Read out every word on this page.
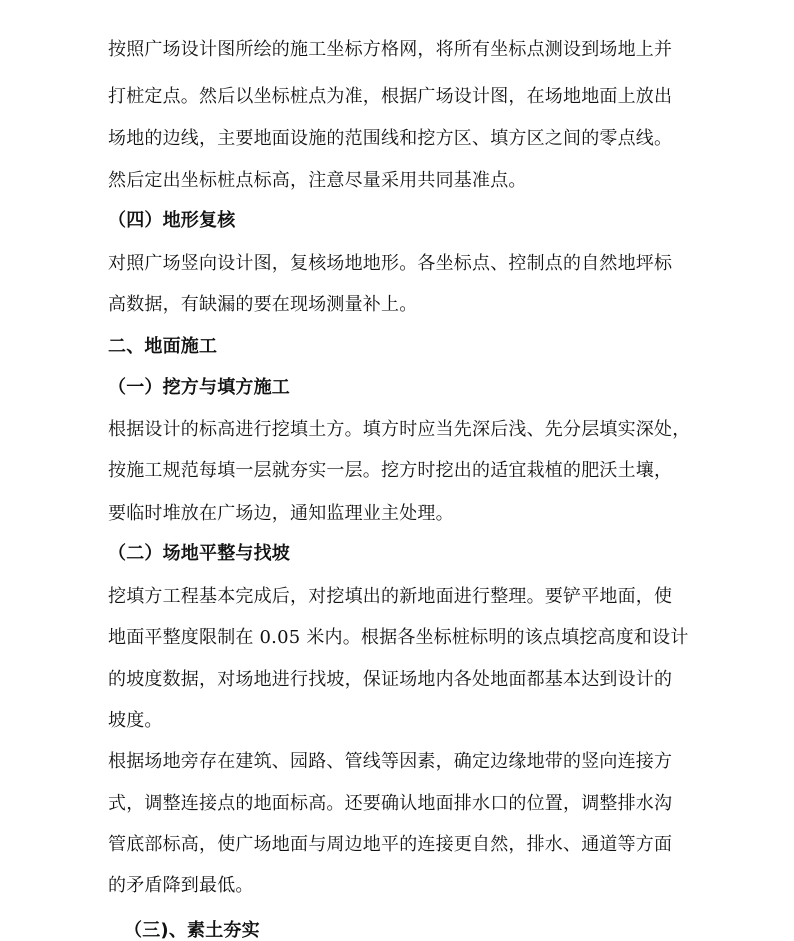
按照广场设计图所绘的施工坐标方格网，将所有坐标点测设到场地上并

打桩定点。然后以坐标桩点为准，根据广场设计图，在场地地面上放出

场地的边线，主要地面设施的范围线和挖方区、填方区之间的零点线。

然后定出坐标桩点标高，注意尽量采用共同基准点。

（四）地形复核

对照广场竖向设计图，复核场地地形。各坐标点、控制点的自然地坪标

高数据，有缺漏的要在现场测量补上。

二、地面施工

（一）挖方与填方施工

根据设计的标高进行挖填土方。填方时应当先深后浅、先分层填实深处，

按施工规范每填一层就夯实一层。挖方时挖出的适宜栽植的肥沃土壤，

要临时堆放在广场边，通知监理业主处理。

（二）场地平整与找坡

挖填方工程基本完成后，对挖填出的新地面进行整理。要铲平地面，使

地面平整度限制在 0.05 米内。根据各坐标桩标明的该点填挖高度和设计

的坡度数据，对场地进行找坡，保证场地内各处地面都基本达到设计的

坡度。

根据场地旁存在建筑、园路、管线等因素，确定边缘地带的竖向连接方

式，调整连接点的地面标高。还要确认地面排水口的位置，调整排水沟

管底部标高，使广场地面与周边地平的连接更自然，排水、通道等方面

的矛盾降到最低。

（三)、素土夯实
